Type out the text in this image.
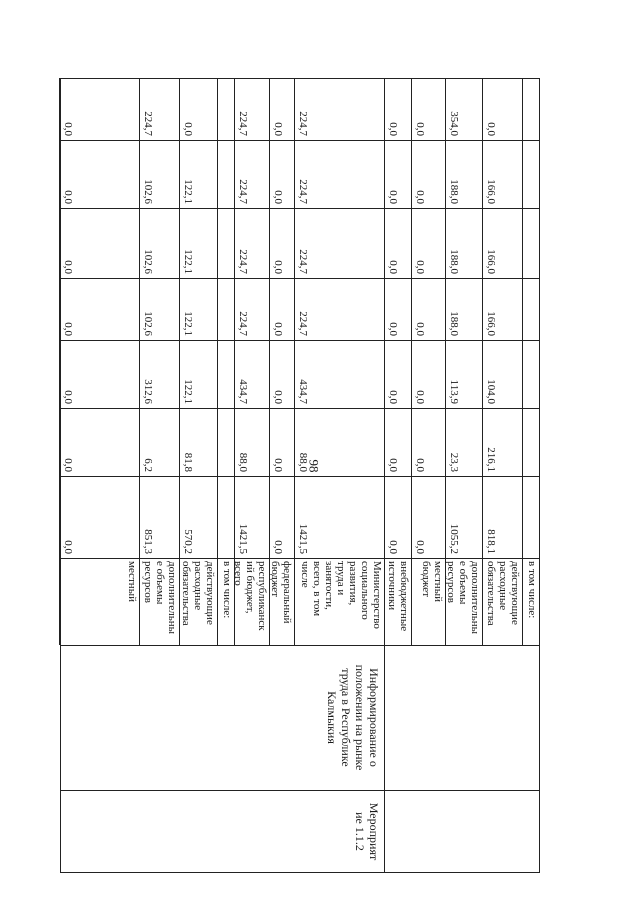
98
в том числе:
действующие
расходные
обязательства
818,1
216,1
104,0
166,0
166,0
166,0
0,0
дополнительны
е объемы
ресурсов
1055,2
23,3
113,9
188,0
188,0
188,0
354,0
местный
бюджет
0,0
0,0
0,0
0,0
0,0
0,0
0,0
внебюджетные
источники
0,0
0,0
0,0
0,0
0,0
0,0
0,0
Министерство
социального
развития,
труда и
занятости,
всего, в том
числе
1421,5
88,0
434,7
224,7
224,7
224,7
224,7
федеральный
бюджет
0,0
0,0
0,0
0,0
0,0
0,0
0,0
республиканск
ий бюджет,
всего
1421,5
88,0
434,7
224,7
224,7
224,7
224,7
в том числе:
действующие
расходные
обязательства
570,2
81,8
122,1
122,1
122,1
122,1
0,0
дополнительны
е объемы
ресурсов
851,3
6,2
312,6
102,6
102,6
102,6
224,7
местный
0,0
0,0
0,0
0,0
0,0
0,0
0,0
Информирование о
положении на рынке
труда в Республике
Калмыкия
Мероприят
ие 1.1.2
